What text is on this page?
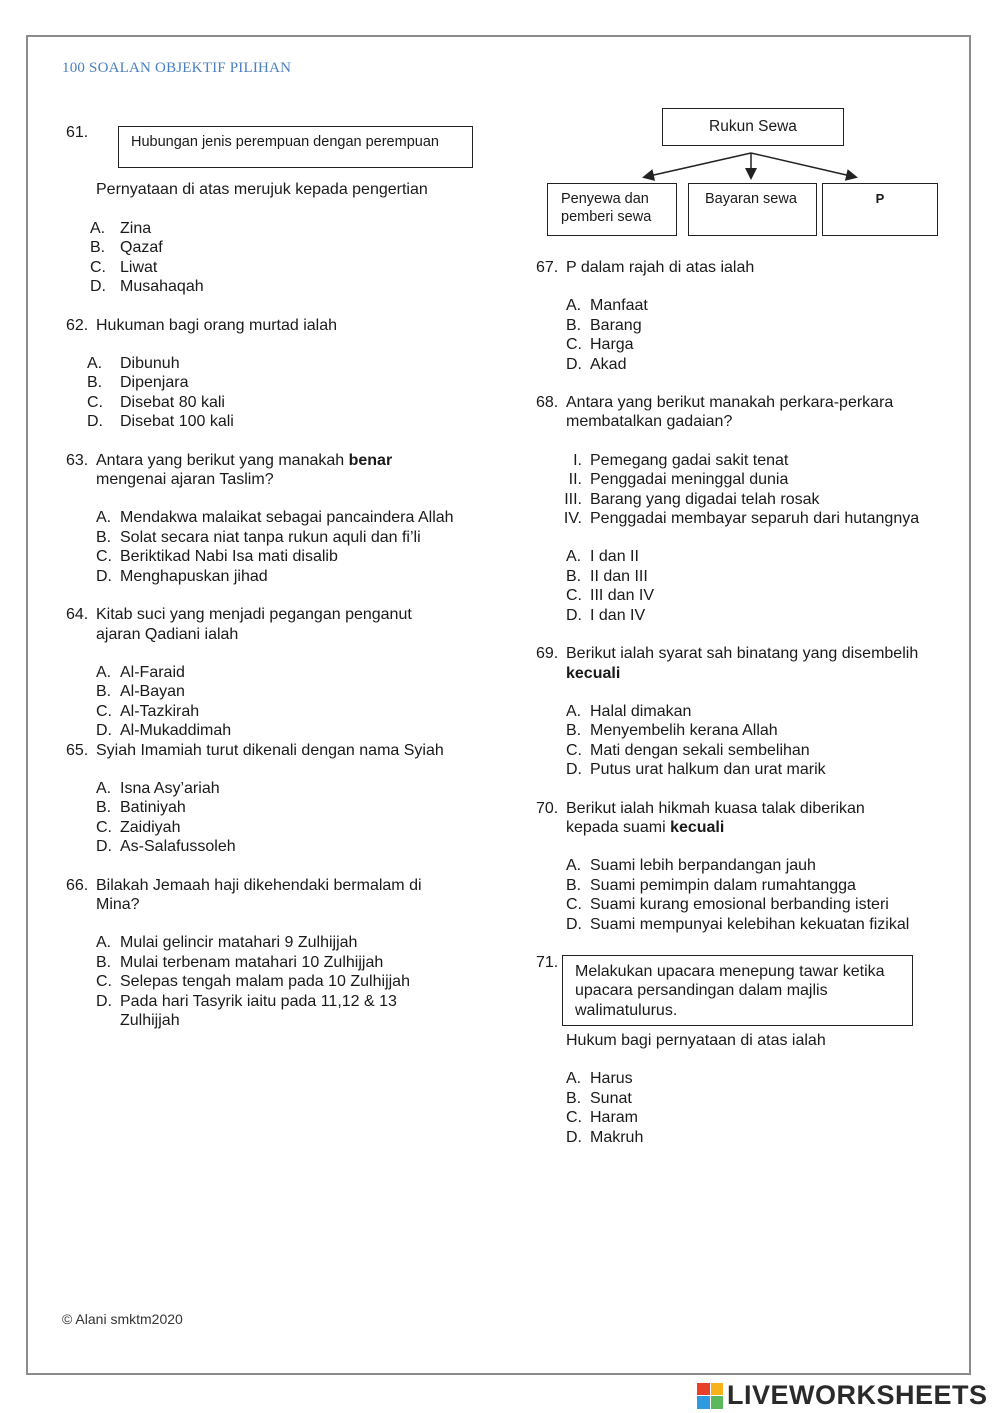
100 SOALAN OBJEKTIF PILIHAN
61.
Hubungan jenis perempuan dengan perempuan
Pernyataan di atas merujuk kepada pengertian
A. Zina
B. Qazaf
C. Liwat
D. Musahaqah
62. Hukuman bagi orang murtad ialah
A.	Dibunuh
B.	Dipenjara
C.	Disebat 80 kali
D.	Disebat 100 kali
63. Antara yang berikut yang manakah benar
mengenai ajaran Taslim?
A. Mendakwa malaikat sebagai pancaindera Allah
B. Solat secara niat tanpa rukun aquli dan fi’li
C. Beriktikad Nabi Isa mati disalib
D. Menghapuskan jihad
64. Kitab suci yang menjadi pegangan penganut ajaran Qadiani ialah
A. Al-Faraid
B. Al-Bayan
C. Al-Tazkirah
D. Al-Mukaddimah
65. Syiah Imamiah turut dikenali dengan nama Syiah
A. Isna Asy’ariah
B. Batiniyah
C. Zaidiyah
D. As-Salafussoleh
66. Bilakah Jemaah haji dikehendaki bermalam di Mina?
A. Mulai gelincir matahari 9 Zulhijjah
B. Mulai terbenam matahari 10 Zulhijjah
C. Selepas tengah malam pada 10 Zulhijjah
D. Pada hari Tasyrik iaitu pada 11,12 & 13 Zulhijjah
Rukun Sewa
Penyewa dan pemberi sewa
Bayaran sewa	P
67. P dalam rajah di atas ialah
A. Manfaat
B. Barang
C. Harga
D. Akad
68. Antara yang berikut manakah perkara-perkara membatalkan gadaian?
I. Pemegang gadai sakit tenat
II. Penggadai meninggal dunia
III. Barang yang digadai telah rosak
IV. Penggadai membayar separuh dari hutangnya
A. I dan II
B. II dan III
C. III dan IV
D. I dan IV
69. Berikut ialah syarat sah binatang yang disembelih
kecuali
A. Halal dimakan
B. Menyembelih kerana Allah
C. Mati dengan sekali sembelihan
D. Putus urat halkum dan urat marik
70. Berikut ialah hikmah kuasa talak diberikan kepada suami kecuali
A. Suami lebih berpandangan jauh
B. Suami pemimpin dalam rumahtangga
C. Suami kurang emosional berbanding isteri
D. Suami mempunyai kelebihan kekuatan fizikal
71.
Melakukan upacara menepung tawar ketika upacara persandingan dalam majlis walimatulurus.
Hukum bagi pernyataan di atas ialah
A. Harus
B. Sunat
C. Haram
D. Makruh
© Alani smktm2020
LIVEWORKSHEETS
